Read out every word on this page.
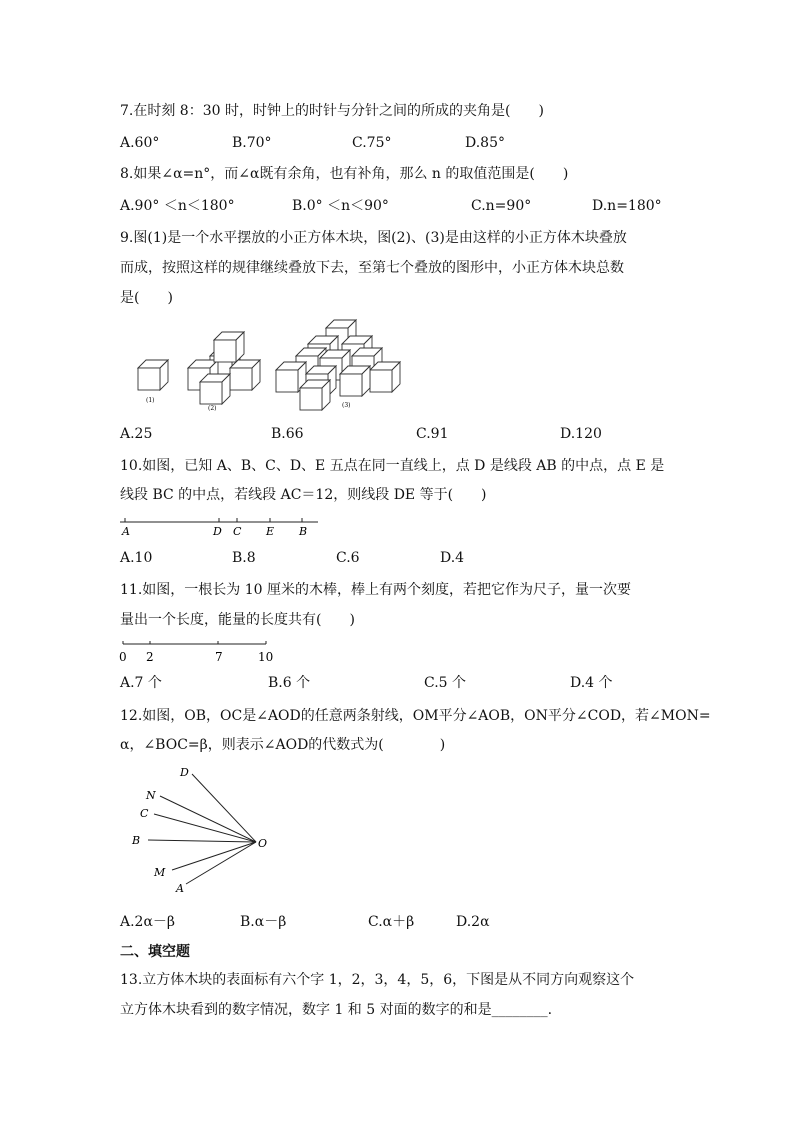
7.在时刻 8：30 时，时钟上的时针与分针之间的所成的夹角是(　　)
A.60°	B.70°	C.75°	D.85°
8.如果∠α=n°，而∠α既有余角，也有补角，那么 n 的取值范围是(　　)
A.90° ＜n＜180°	B.0° ＜n＜90°	C.n=90°	D.n=180°
9.图(1)是一个水平摆放的小正方体木块，图(2)、(3)是由这样的小正方体木块叠放
而成，按照这样的规律继续叠放下去，至第七个叠放的图形中，小正方体木块总数
是(　　)
(1)
(2)	(3)
A.25	B.66	C.91	D.120
10.如图，已知 A、B、C、D、E 五点在同一直线上，点 D 是线段 AB 的中点，点 E 是
线段 BC 的中点，若线段 AC＝12，则线段 DE 等于(　　)
A	D C E B
A.10	B.8	C.6	D.4
11.如图，一根长为 10 厘米的木棒，棒上有两个刻度，若把它作为尺子，量一次要
量出一个长度，能量的长度共有(　　)
0 2	7	10
A.7 个	B.6 个	C.5 个	D.4 个
12.如图，OB，OC是∠AOD的任意两条射线，OM平分∠AOB，ON平分∠COD，若∠MON=
α，∠BOC=β，则表示∠AOD的代数式为(　　　　)
D
N
C
B
M
A
O
A.2α－β	B.α－β	C.α＋β	D.2α
二、填空题
13.立方体木块的表面标有六个字 1，2，3，4，5，6，下图是从不同方向观察这个
立方体木块看到的数字情况，数字 1 和 5 对面的数字的和是________.
